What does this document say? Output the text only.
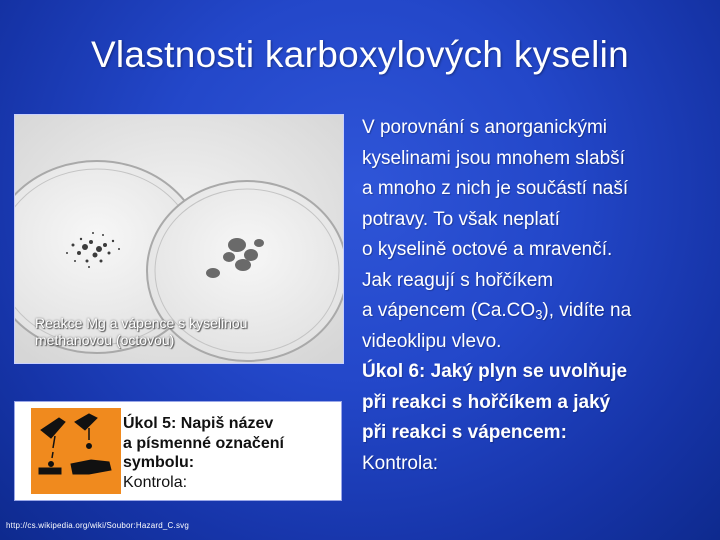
Vlastnosti karboxylových kyselin
Reakce Mg a vápence s kyselinou
methanovou (octovou)
Úkol 5: Napiš název
a písmenné označení
symbolu:
Kontrola:
http://cs.wikipedia.org/wiki/Soubor:Hazard_C.svg
V porovnání s anorganickými
kyselinami jsou mnohem slabší
a mnoho z nich je součástí naší
potravy. To však neplatí
o kyselině octové a mravenčí.
Jak reagují s hořčíkem
a vápencem $(Ca.CO_3)$, vidíte na
videoklipu vlevo.
Úkol 6: Jaký plyn se uvolňuje
při reakci s hořčíkem a jaký
při reakci s vápencem:
Kontrola:
